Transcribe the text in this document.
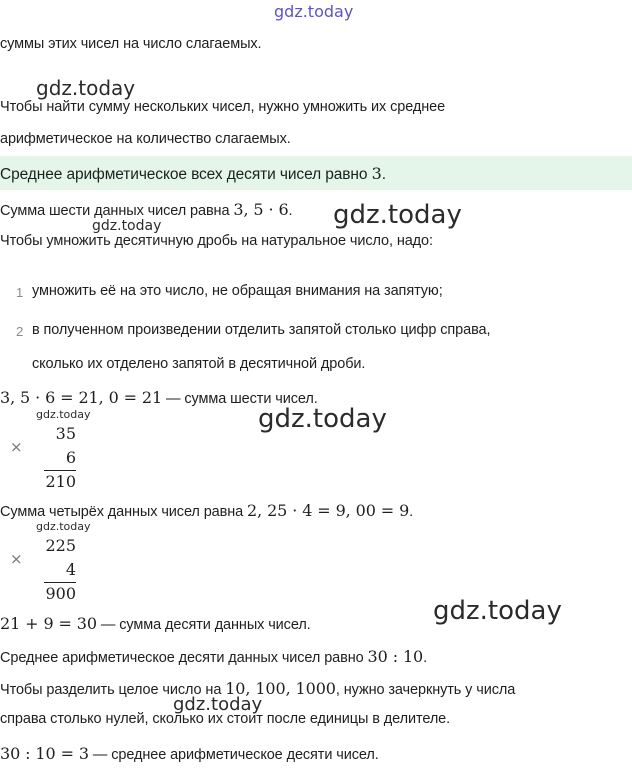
gdz.today
gdz.today
gdz.today
gdz.today
gdz.today
gdz.today
gdz.today
gdz.today
gdz.today
суммы этих чисел на число слагаемых.
Чтобы найти сумму нескольких чисел, нужно умножить их среднее
арифметическое на количество слагаемых.
Среднее арифметическое всех десяти чисел равно 3.
Сумма шести данных чисел равна 3, 5 · 6.
Чтобы умножить десятичную дробь на натуральное число, надо:
1 умножить её на это число, не обращая внимания на запятую;
2 в полученном произведении отделить запятой столько цифр справа,
сколько их отделено запятой в десятичной дроби.
3, 5 · 6 = 21, 0 = 21 — сумма шести чисел.
×
35
6
210
Сумма четырёх данных чисел равна 2, 25 · 4 = 9, 00 = 9.
×
225
4
900
21 + 9 = 30 — сумма десяти данных чисел.
Среднее арифметическое десяти данных чисел равно 30 : 10.
Чтобы разделить целое число на 10, 100, 1000, нужно зачеркнуть у числа
справа столько нулей, сколько их стоит после единицы в делителе.
30 : 10 = 3 — среднее арифметическое десяти чисел.
